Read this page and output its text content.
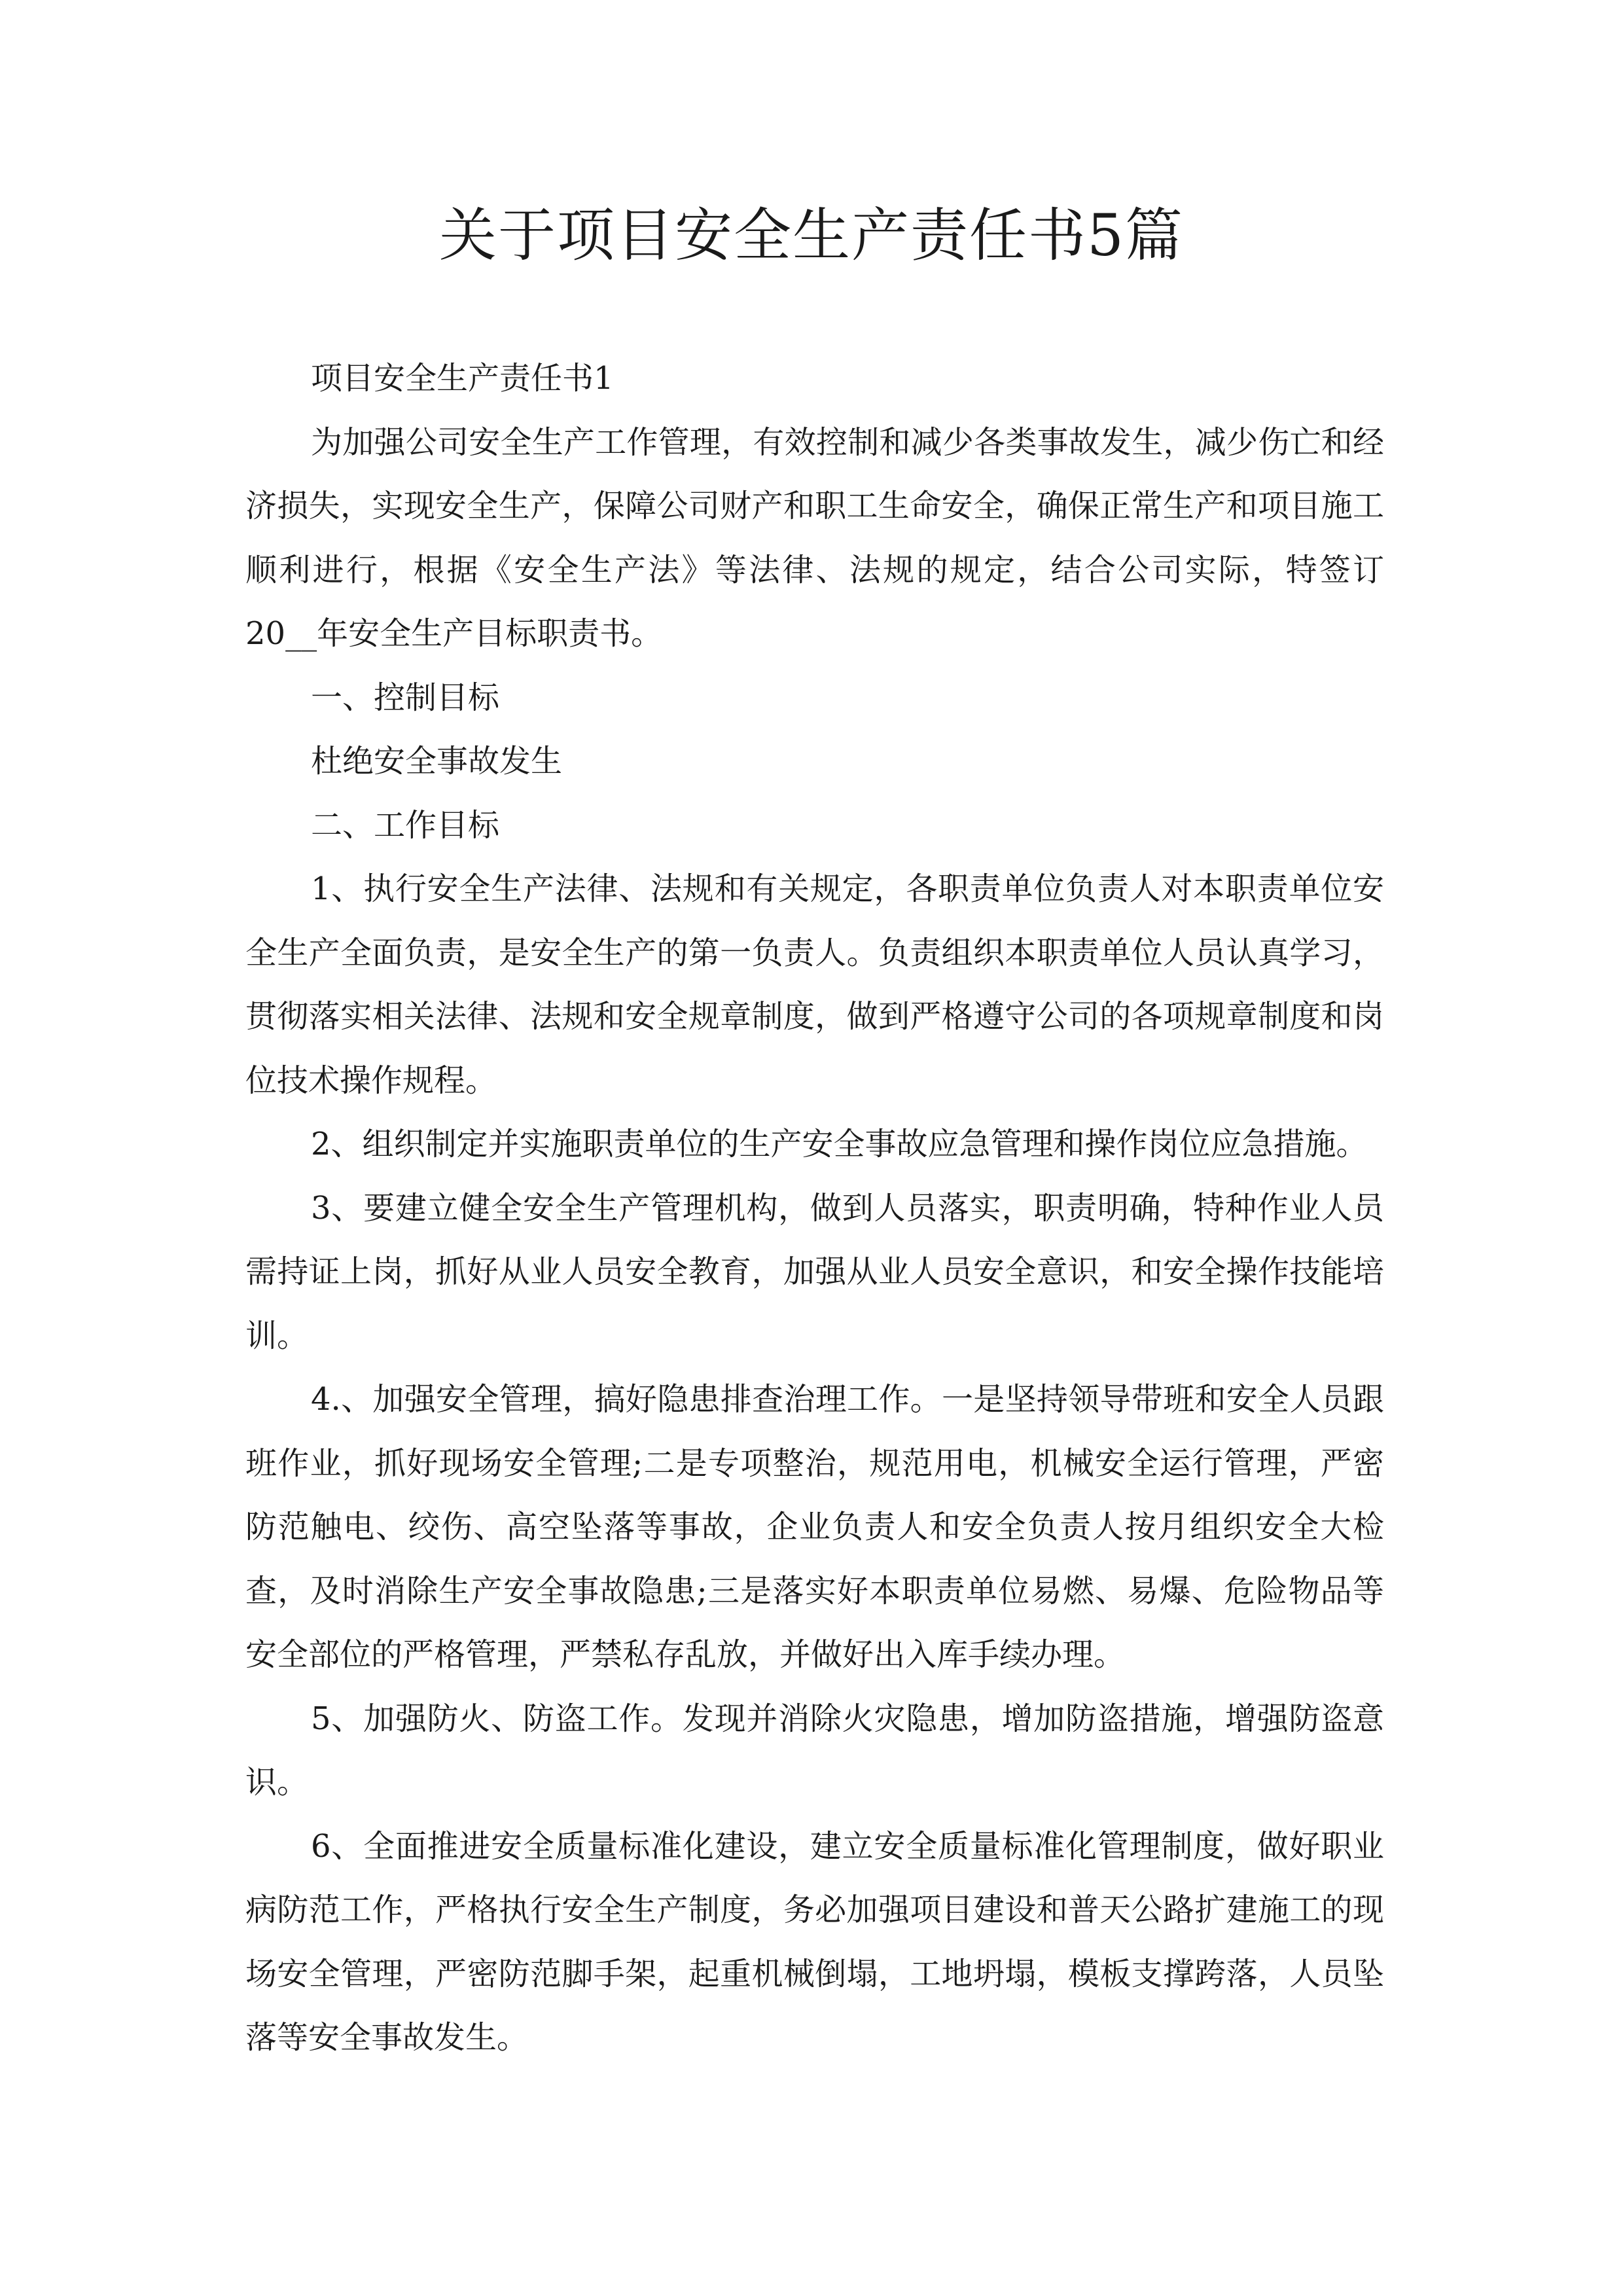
关于项目安全生产责任书5篇

项目安全生产责任书1

为加强公司安全生产工作管理，有效控制和减少各类事故发生，减少伤亡和经济损失，实现安全生产，保障公司财产和职工生命安全，确保正常生产和项目施工顺利进行，根据《安全生产法》等法律、法规的规定，结合公司实际，特签订20__年安全生产目标职责书。

一、控制目标

杜绝安全事故发生

二、工作目标

1、执行安全生产法律、法规和有关规定，各职责单位负责人对本职责单位安全生产全面负责，是安全生产的第一负责人。负责组织本职责单位人员认真学习，贯彻落实相关法律、法规和安全规章制度，做到严格遵守公司的各项规章制度和岗位技术操作规程。

2、组织制定并实施职责单位的生产安全事故应急管理和操作岗位应急措施。

3、要建立健全安全生产管理机构，做到人员落实，职责明确，特种作业人员需持证上岗，抓好从业人员安全教育，加强从业人员安全意识，和安全操作技能培训。

4.、加强安全管理，搞好隐患排查治理工作。一是坚持领导带班和安全人员跟班作业，抓好现场安全管理;二是专项整治，规范用电，机械安全运行管理，严密防范触电、绞伤、高空坠落等事故，企业负责人和安全负责人按月组织安全大检查，及时消除生产安全事故隐患;三是落实好本职责单位易燃、易爆、危险物品等安全部位的严格管理，严禁私存乱放，并做好出入库手续办理。

5、加强防火、防盗工作。发现并消除火灾隐患，增加防盗措施，增强防盗意识。

6、全面推进安全质量标准化建设，建立安全质量标准化管理制度，做好职业病防范工作，严格执行安全生产制度，务必加强项目建设和普天公路扩建施工的现场安全管理，严密防范脚手架，起重机械倒塌，工地坍塌，模板支撑跨落，人员坠落等安全事故发生。
